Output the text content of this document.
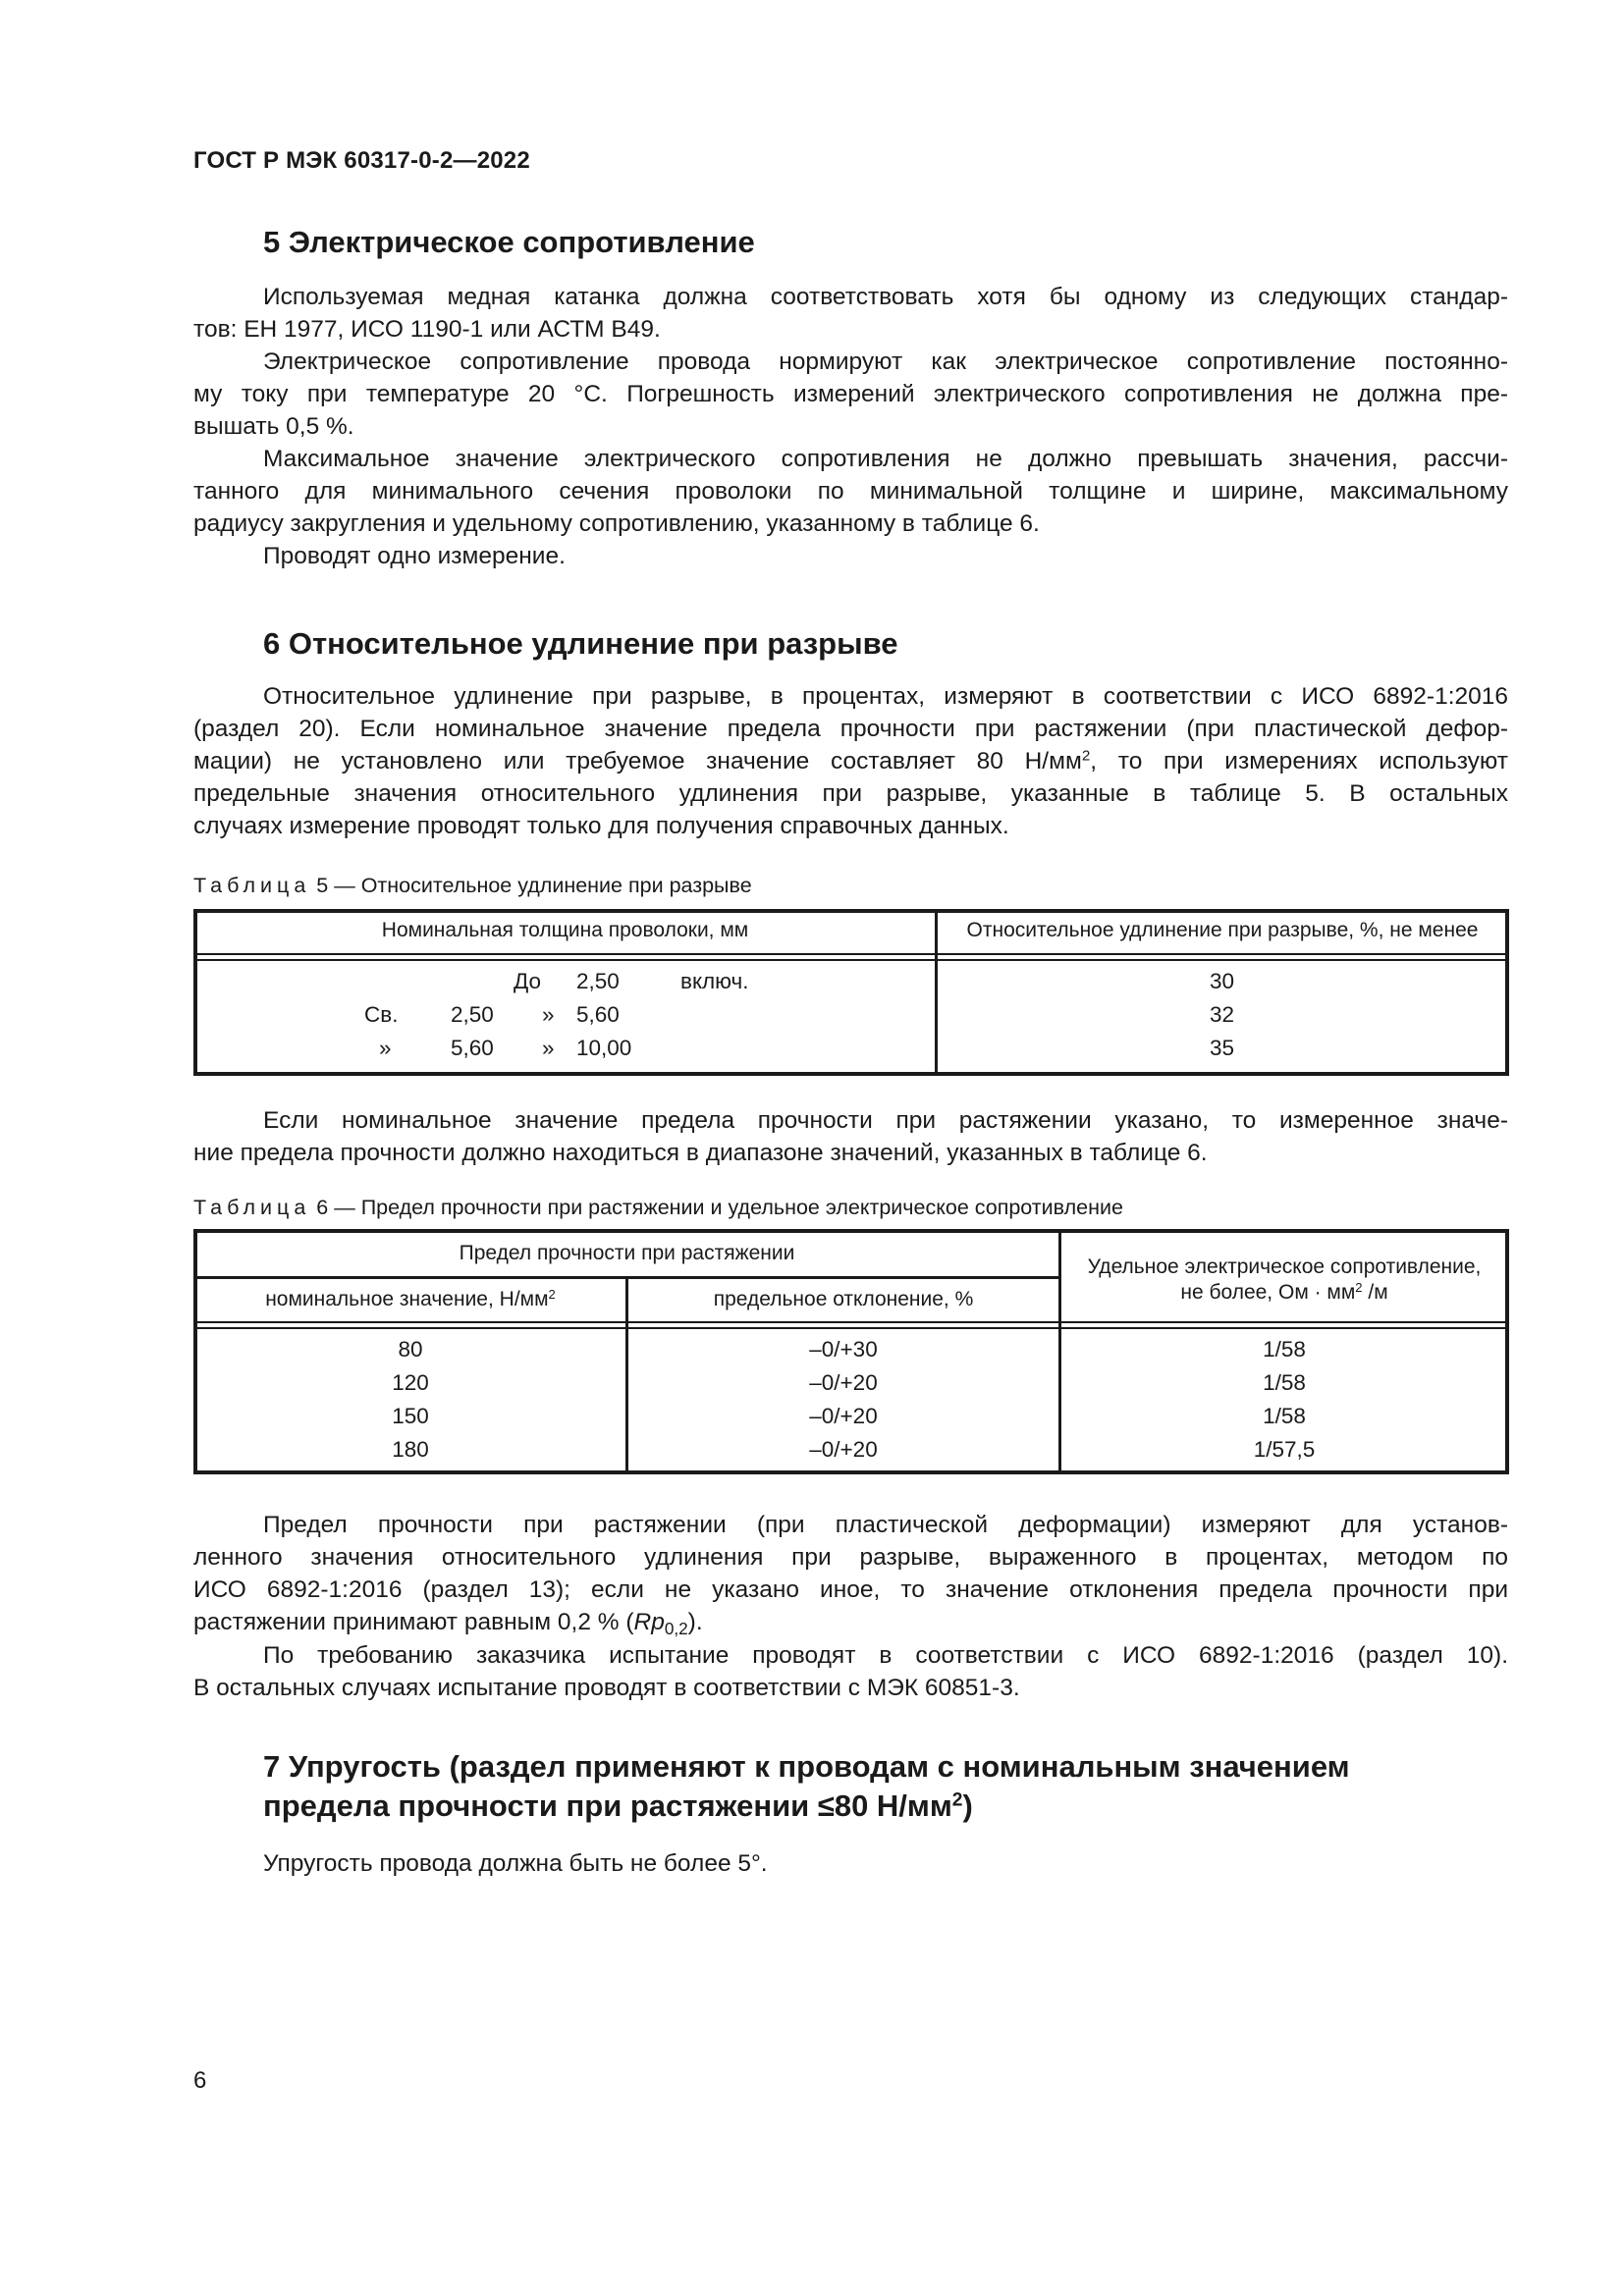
ГОСТ Р МЭК 60317-0-2—2022
5 Электрическое сопротивление
Используемая медная катанка должна соответствовать хотя бы одному из следующих стандар-
тов: ЕН 1977, ИСО 1190-1 или АСТМ В49.
Электрическое сопротивление провода нормируют как электрическое сопротивление постоянно-
му току при температуре 20 °С. Погрешность измерений электрического сопротивления не должна пре-
вышать 0,5 %.
Максимальное значение электрического сопротивления не должно превышать значения, рассчи-
танного для минимального сечения проволоки по минимальной толщине и ширине, максимальному
радиусу закругления и удельному сопротивлению, указанному в таблице 6.
Проводят одно измерение.
6 Относительное удлинение при разрыве
Относительное удлинение при разрыве, в процентах, измеряют в соответствии с ИСО 6892-1:2016
(раздел 20). Если номинальное значение предела прочности при растяжении (при пластической дефор-
мации) не установлено или требуемое значение составляет 80 $Н/мм^2$, то при измерениях используют
предельные значения относительного удлинения при разрыве, указанные в таблице 5. В остальных
случаях измерение проводят только для получения справочных данных.
Таблица 5 — Относительное удлинение при разрыве
Номинальная толщина проволоки, мм	Относительное удлинение при разрыве, %, не менее
До 2,50	включ.	30
Св. 2,50 » 5,60	32
»	5,60 » 10,00	35
Если номинальное значение предела прочности при растяжении указано, то измеренное значе-
ние предела прочности должно находиться в диапазоне значений, указанных в таблице 6.
Таблица 6 — Предел прочности при растяжении и удельное электрическое сопротивление
Предел прочности при растяжении
номинальное значение, $Н/мм^2$	предельное отклонение, %
Удельное электрическое сопротивление,
не более, Ом · $мм^2$ /м
80	–0/+30	1/58
120	–0/+20	1/58
150	–0/+20	1/58
180	–0/+20	1/57,5
Предел прочности при растяжении (при пластической деформации) измеряют для установ-
ленного значения относительного удлинения при разрыве, выраженного в процентах, методом по
ИСО 6892-1:2016 (раздел 13); если не указано иное, то значение отклонения предела прочности при
растяжении принимают равным 0,2 % $(Rp_{0,2})$.
По требованию заказчика испытание проводят в соответствии с ИСО 6892-1:2016 (раздел 10).
В остальных случаях испытание проводят в соответствии с МЭК 60851-3.
7 Упругость (раздел применяют к проводам с номинальным значением
предела прочности при растяжении ≤80 $Н/мм^2$)
Упругость провода должна быть не более 5°.
6
